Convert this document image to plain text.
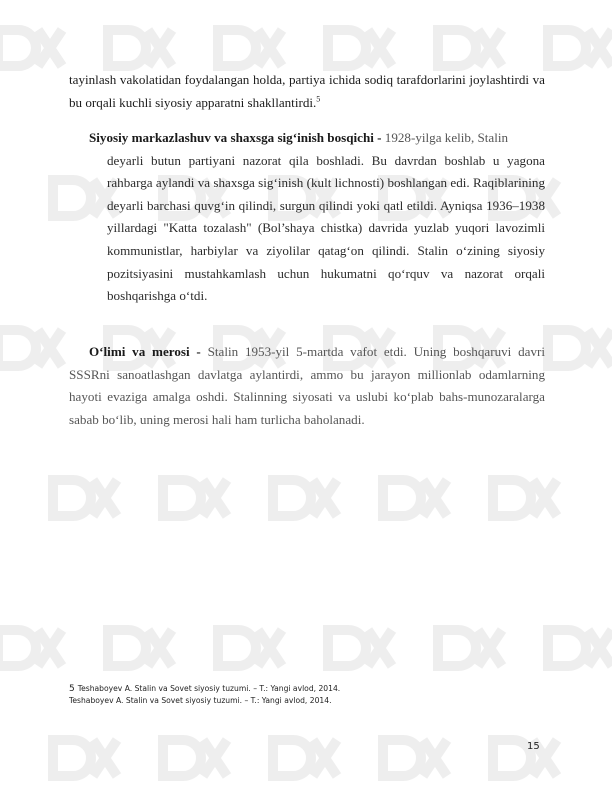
tayinlash vakolatidan foydalangan holda, partiya ichida sodiq tarafdorlarini joylashtirdi va bu orqali kuchli siyosiy apparatni shakllantirdi.$^5$
Siyosiy markazlashuv va shaxsga sig‘inish bosqichi - 1928-yilga kelib, Stalin
deyarli butun partiyani nazorat qila boshladi. Bu davrdan boshlab u yagona rahbarga aylandi va shaxsga sig‘inish (kult lichnosti) boshlangan edi. Raqiblarining deyarli barchasi quvg‘in qilindi, surgun qilindi yoki qatl etildi. Ayniqsa 1936–1938 yillardagi "Katta tozalash" (Bol’shaya chistka) davrida yuzlab yuqori lavozimli kommunistlar, harbiylar va ziyolilar qatag‘on qilindi. Stalin o‘zining siyosiy pozitsiyasini mustahkamlash uchun hukumatni qo‘rquv va nazorat orqali boshqarishga o‘tdi.
O‘limi va merosi - Stalin 1953-yil 5-martda vafot etdi. Uning boshqaruvi davri SSSRni sanoatlashgan davlatga aylantirdi, ammo bu jarayon millionlab odamlarning hayoti evaziga amalga oshdi. Stalinning siyosati va uslubi ko‘plab bahs-munozaralarga sabab bo‘lib, uning merosi hali ham turlicha baholanadi.
5 Teshaboyev A. Stalin va Sovet siyosiy tuzumi. – T.: Yangi avlod, 2014.
Teshaboyev A. Stalin va Sovet siyosiy tuzumi. – T.: Yangi avlod, 2014.
15
